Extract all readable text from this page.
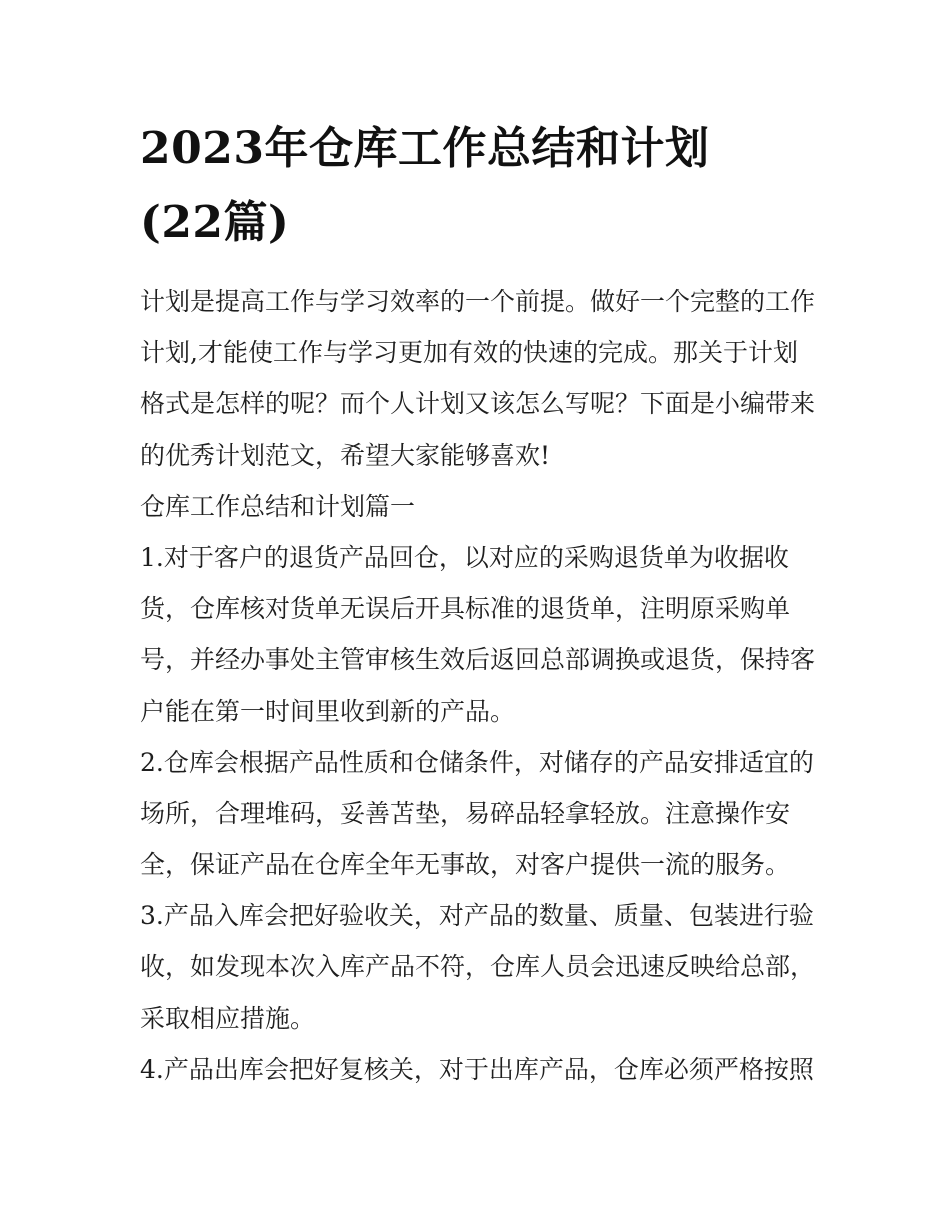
2023年仓库工作总结和计划
(22篇)
计划是提高工作与学习效率的一个前提。做好一个完整的工作
计划,才能使工作与学习更加有效的快速的完成。那关于计划
格式是怎样的呢？而个人计划又该怎么写呢？下面是小编带来
的优秀计划范文，希望大家能够喜欢!
仓库工作总结和计划篇一
1.对于客户的退货产品回仓，以对应的采购退货单为收据收
货，仓库核对货单无误后开具标准的退货单，注明原采购单
号，并经办事处主管审核生效后返回总部调换或退货，保持客
户能在第一时间里收到新的产品。
2.仓库会根据产品性质和仓储条件，对储存的产品安排适宜的
场所，合理堆码，妥善苫垫，易碎品轻拿轻放。注意操作安
全，保证产品在仓库全年无事故，对客户提供一流的服务。
3.产品入库会把好验收关，对产品的数量、质量、包装进行验
收，如发现本次入库产品不符，仓库人员会迅速反映给总部，
采取相应措施。
4.产品出库会把好复核关，对于出库产品，仓库必须严格按照
